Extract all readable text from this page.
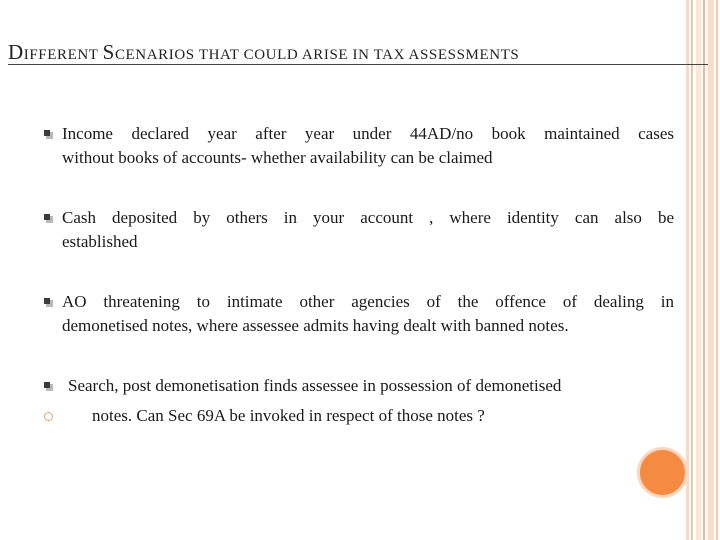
DIFFERENT SCENARIOS THAT COULD ARISE IN TAX ASSESSMENTS
Income declared year after year under 44AD/no book maintained cases
without books of accounts- whether availability can be claimed
Cash deposited by others in your account , where identity can also be
established
AO threatening to intimate other agencies of the offence of dealing in
demonetised notes, where assessee admits having dealt with banned notes.
Search, post demonetisation finds assessee in possession of demonetised
notes. Can Sec 69A be invoked in respect of those notes ?
